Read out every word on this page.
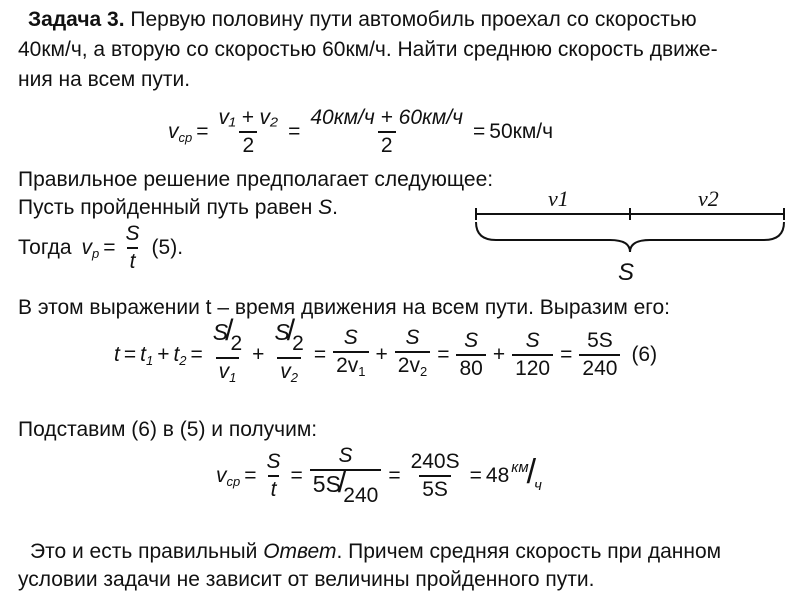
Задача 3. Первую половину пути автомобиль проехал со скоростью
40км/ч, а вторую со скоростью 60км/ч. Найти среднюю скорость движе-
ния на всем пути.
$v_{ср} = \frac{\text{v₁ + v₂}}{2} = \frac{40км/ч + 60км/ч}{2} = 50км/ч$
Правильное решение предполагает следующее:
Пусть пройденный путь равен S.
Тогда $v_р = \frac{S}{t} (5)$.
v1	v2
S
В этом выражении t – время движения на всем пути. Выразим его:
$t = t_1 + t_2 = S$
/
2
$v_1 + S$
/
2
$v_2 = \frac{S}{2v_1} + \frac{S}{2v_2} = \frac{S}{80} + \frac{S}{120} = \frac{5S}{240} (6)$
Подставим (6) в (5) и получим:
$v_{ср} = \frac{S}{t} = S$
5S
/
$240 = \frac{240S}{5S} = 48$ км
/
ч
Это и есть правильный Ответ. Причем средняя скорость при данном
условии задачи не зависит от величины пройденного пути.
